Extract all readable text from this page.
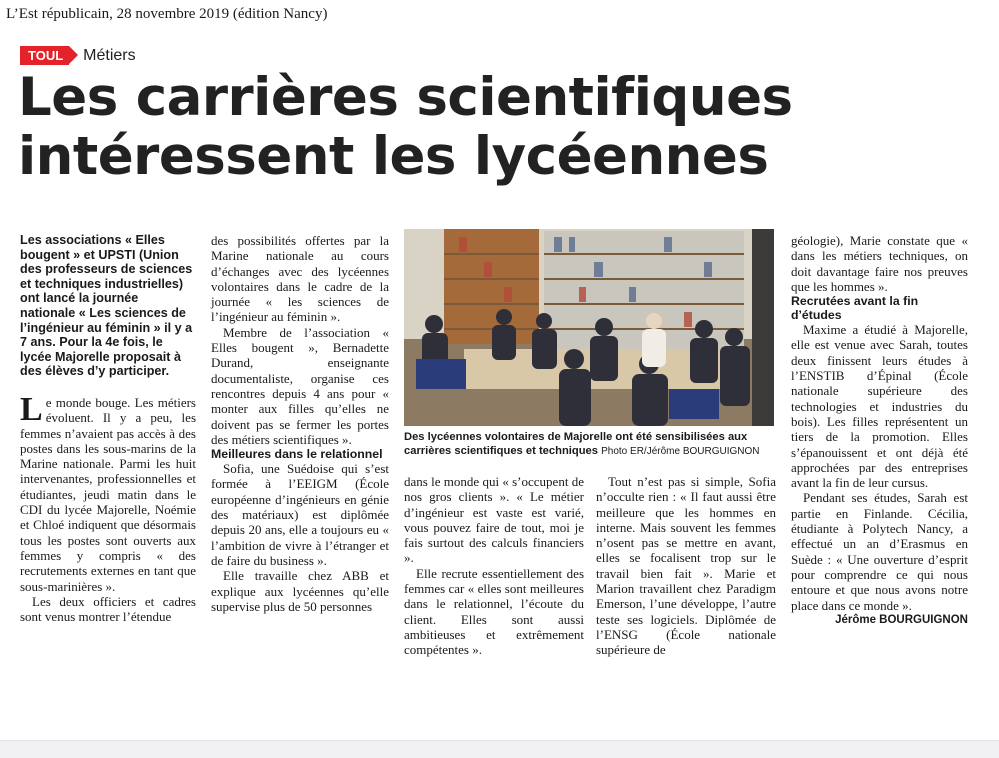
L’Est républicain, 28 novembre 2019 (édition Nancy)
TOUL	Métiers
Les carrières scientifiques
intéressent les lycéennes

Les associations « Elles bougent » et UPSTI (Union des professeurs de sciences et techniques industrielles) ont lancé la journée nationale « Les sciences de l’ingénieur au féminin » il y a 7 ans. Pour la 4e fois, le lycée Majorelle proposait à des élèves d’y participer.

Le monde bouge. Les métiers évoluent. Il y a peu, les femmes n’avaient pas accès à des postes dans les sous-marins de la Marine nationale. Parmi les huit intervenantes, professionnelles et étudiantes, jeudi matin dans le CDI du lycée Majorelle, Noémie et Chloé indiquent que désormais tous les postes sont ouverts aux femmes y compris « des recrutements externes en tant que sous-marinières ».

Les deux officiers et cadres sont venus montrer l’étendue

des possibilités offertes par la Marine nationale au cours d’échanges avec des lycéennes volontaires dans le cadre de la journée « les sciences de l’ingénieur au féminin ».

Membre de l’association « Elles bougent », Bernadette Durand, enseignante documentaliste, organise ces rencontres depuis 4 ans pour « monter aux filles qu’elles ne doivent pas se fermer les portes des métiers scientifiques ».

Meilleures dans le relationnel

Sofia, une Suédoise qui s’est formée à l’EEIGM (École européenne d’ingénieurs en génie des matériaux) est diplômée depuis 20 ans, elle a toujours eu « l’ambition de vivre à l’étranger et de faire du business ».

Elle travaille chez ABB et explique aux lycéennes qu’elle supervise plus de 50 personnes

Des lycéennes volontaires de Majorelle ont été sensibilisées aux carrières scientifiques et techniques Photo ER/Jérôme BOURGUIGNON

dans le monde qui « s’occupent de nos gros clients ». « Le métier d’ingénieur est vaste est varié, vous pouvez faire de tout, moi je fais surtout des calculs financiers ».

Elle recrute essentiellement des femmes car « elles sont meilleures dans le relationnel, l’écoute du client. Elles sont aussi ambitieuses et extrêmement compétentes ».

Tout n’est pas si simple, Sofia n’occulte rien : « Il faut aussi être meilleure que les hommes en interne. Mais souvent les femmes n’osent pas se mettre en avant, elles se focalisent trop sur le travail bien fait ». Marie et Marion travaillent chez Paradigm Emerson, l’une développe, l’autre teste ses logiciels. Diplômée de l’ENSG (École nationale supérieure de

géologie), Marie constate que « dans les métiers techniques, on doit davantage faire nos preuves que les hommes ».

Recrutées avant la fin d’études

Maxime a étudié à Majorelle, elle est venue avec Sarah, toutes deux finissent leurs études à l’ENSTIB d’Épinal (École nationale supérieure des technologies et industries du bois). Les filles représentent un tiers de la promotion. Elles s’épanouissent et ont déjà été approchées par des entreprises avant la fin de leur cursus.

Pendant ses études, Sarah est partie en Finlande. Cécilia, étudiante à Polytech Nancy, a effectué un an d’Erasmus en Suède : « Une ouverture d’esprit pour comprendre ce qui nous entoure et que nous avons notre place dans ce monde ».

Jérôme BOURGUIGNON
